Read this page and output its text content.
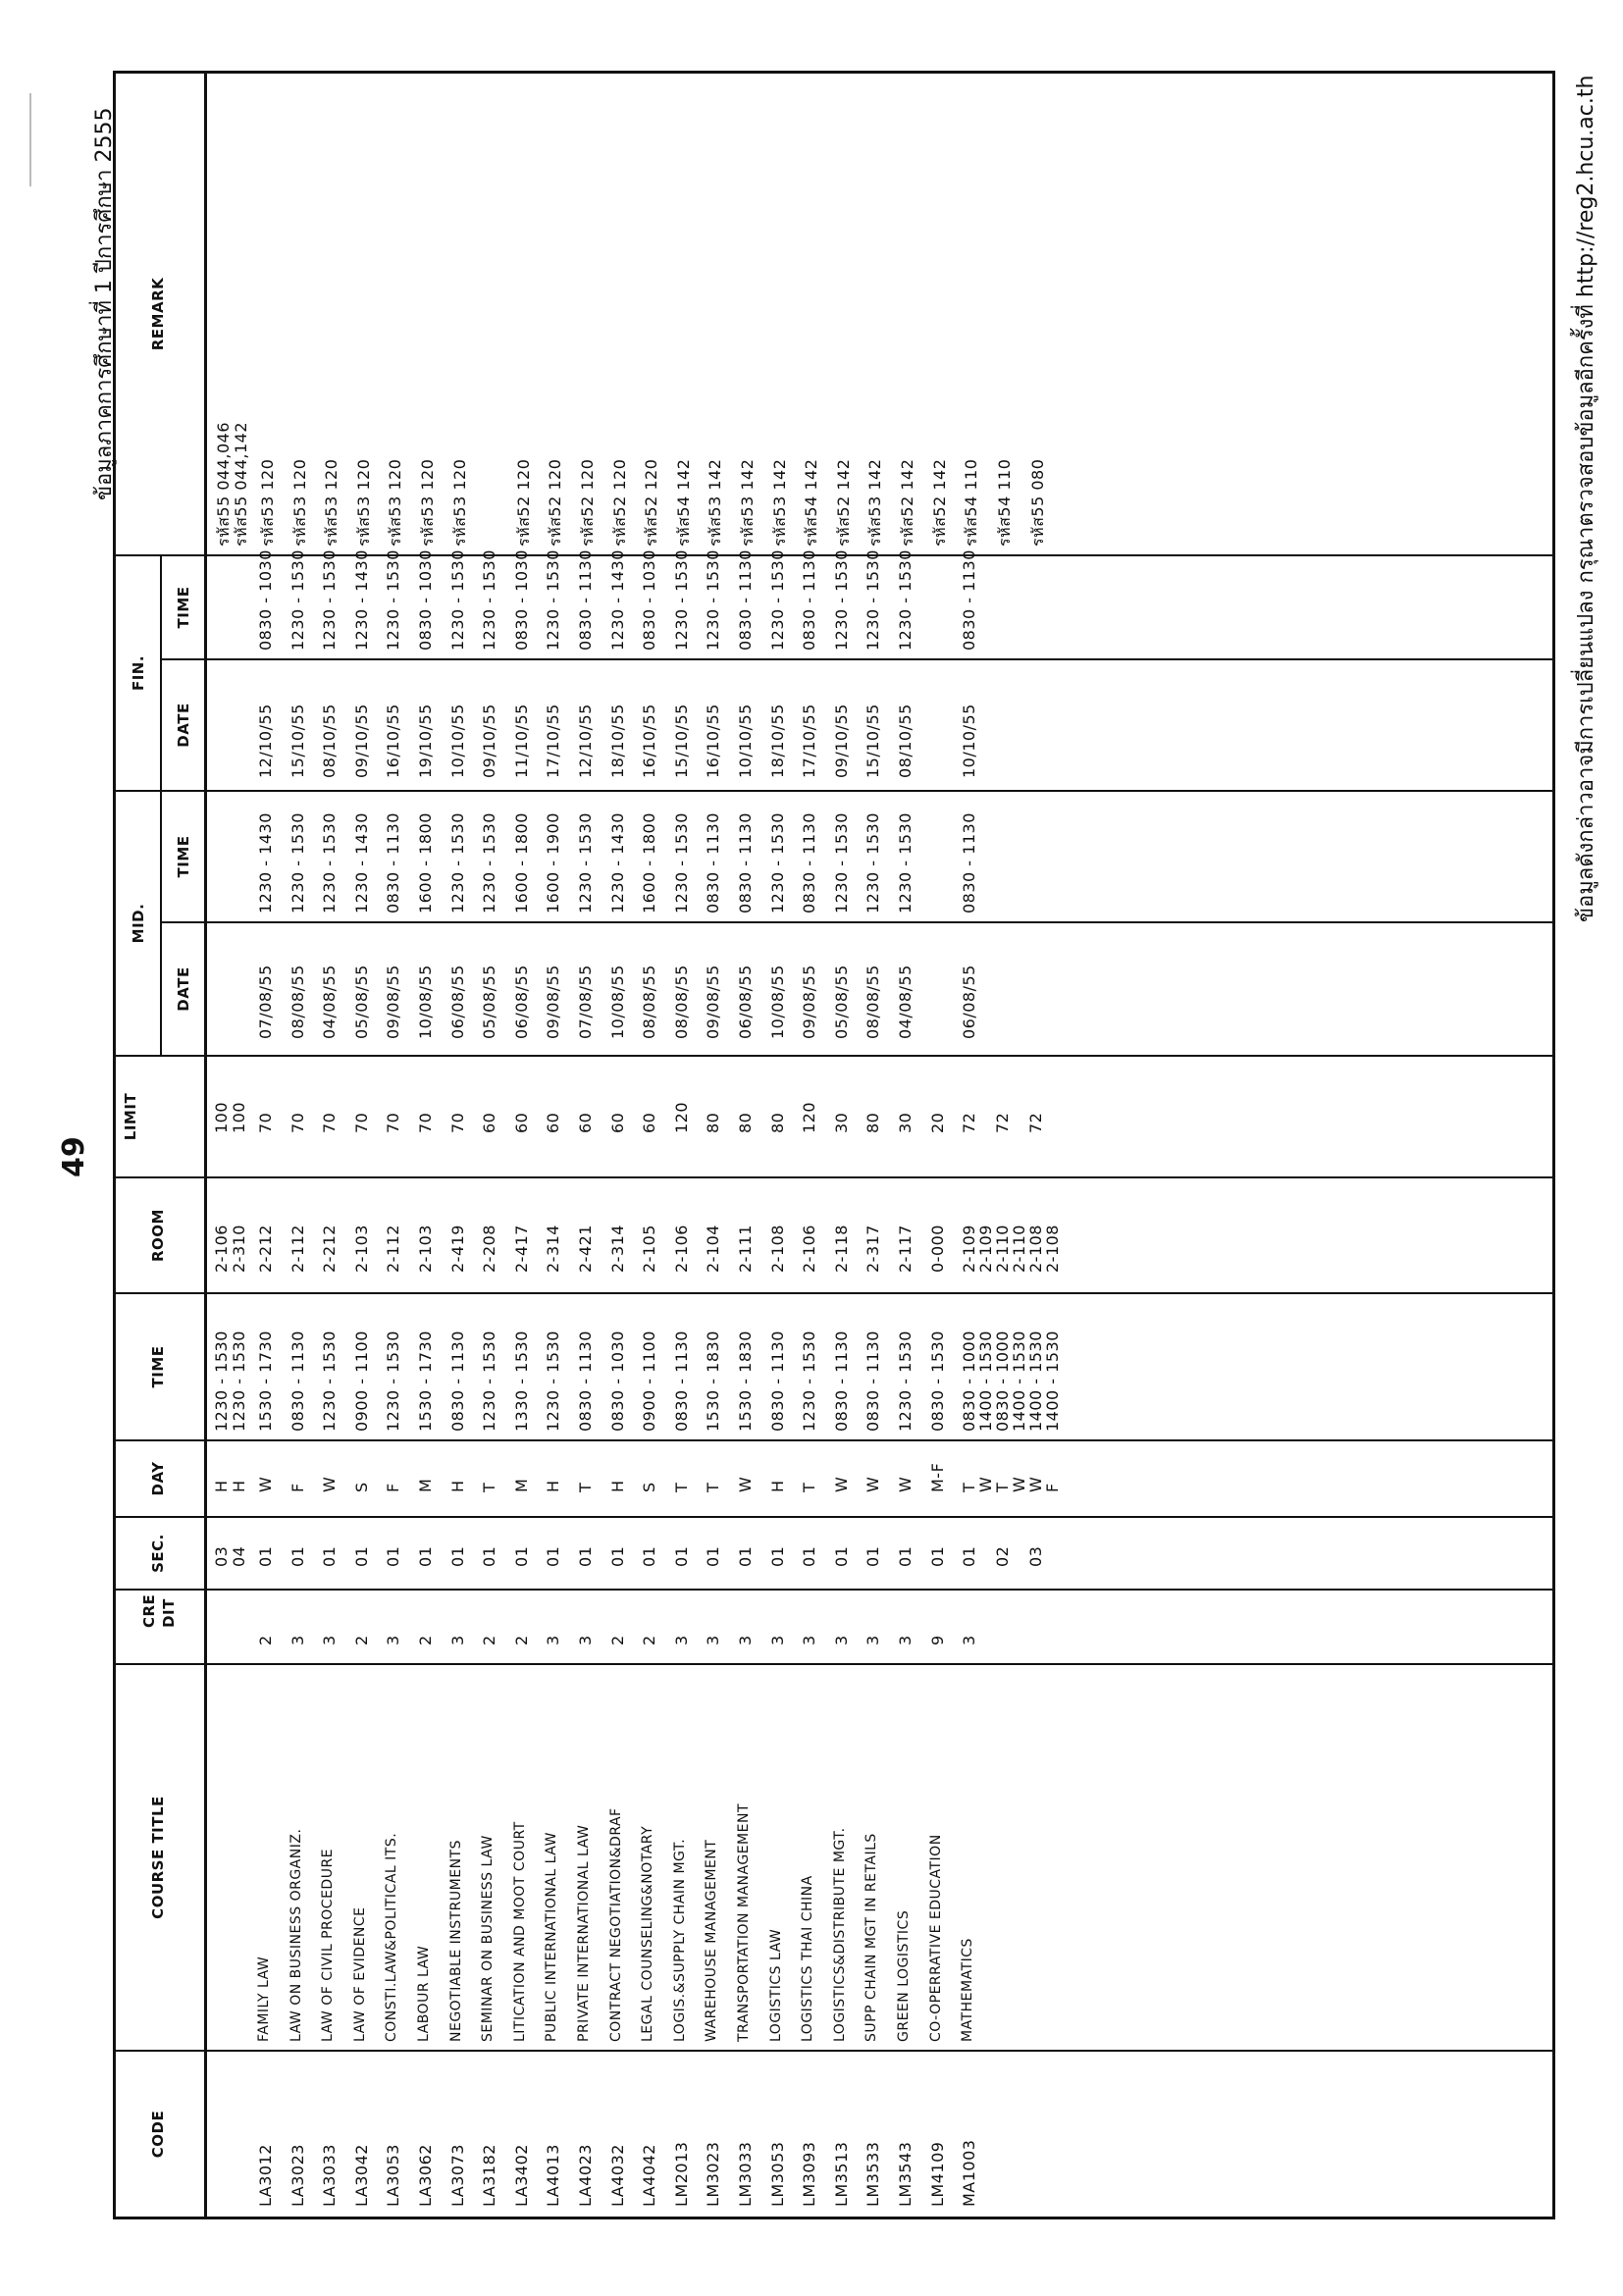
49
ข้อมูลภาคการศึกษาที่ 1 ปีการศึกษา 2555
CODE
COURSE TITLE
CRE DIT
SEC.
DAY
TIME
ROOM
LIMIT
MID.
DATE
TIME
FIN.
DATE
TIME
REMARK
03
H
1230 - 1530
2-106
100
รหัส55 044,046
04
H
1230 - 1530
2-310
100
รหัส55 044,142
LA3012
FAMILY LAW
2
01
W
1530 - 1730
2-212
70
07/08/55
1230 - 1430
12/10/55
0830 - 1030
รหัส53 120
LA3023
LAW ON BUSINESS ORGANIZ.
3
01
F
0830 - 1130
2-112
70
08/08/55
1230 - 1530
15/10/55
1230 - 1530
รหัส53 120
LA3033
LAW OF CIVIL PROCEDURE
3
01
W
1230 - 1530
2-212
70
04/08/55
1230 - 1530
08/10/55
1230 - 1530
รหัส53 120
LA3042
LAW OF EVIDENCE
2
01
S
0900 - 1100
2-103
70
05/08/55
1230 - 1430
09/10/55
1230 - 1430
รหัส53 120
LA3053
CONSTI.LAW&POLITICAL ITS.
3
01
F
1230 - 1530
2-112
70
09/08/55
0830 - 1130
16/10/55
1230 - 1530
รหัส53 120
LA3062
LABOUR LAW
2
01
M
1530 - 1730
2-103
70
10/08/55
1600 - 1800
19/10/55
0830 - 1030
รหัส53 120
LA3073
NEGOTIABLE INSTRUMENTS
3
01
H
0830 - 1130
2-419
70
06/08/55
1230 - 1530
10/10/55
1230 - 1530
รหัส53 120
LA3182
SEMINAR ON BUSINESS LAW
2
01
T
1230 - 1530
2-208
60
05/08/55
1230 - 1530
09/10/55
1230 - 1530
LA3402
LITICATION AND MOOT COURT
2
01
M
1330 - 1530
2-417
60
06/08/55
1600 - 1800
11/10/55
0830 - 1030
รหัส52 120
LA4013
PUBLIC INTERNATIONAL LAW
3
01
H
1230 - 1530
2-314
60
09/08/55
1600 - 1900
17/10/55
1230 - 1530
รหัส52 120
LA4023
PRIVATE INTERNATIONAL LAW
3
01
T
0830 - 1130
2-421
60
07/08/55
1230 - 1530
12/10/55
0830 - 1130
รหัส52 120
LA4032
CONTRACT NEGOTIATION&DRAF
2
01
H
0830 - 1030
2-314
60
10/08/55
1230 - 1430
18/10/55
1230 - 1430
รหัส52 120
LA4042
LEGAL COUNSELING&NOTARY
2
01
S
0900 - 1100
2-105
60
08/08/55
1600 - 1800
16/10/55
0830 - 1030
รหัส52 120
LM2013
LOGIS.&SUPPLY CHAIN MGT.
3
01
T
0830 - 1130
2-106
120
08/08/55
1230 - 1530
15/10/55
1230 - 1530
รหัส54 142
LM3023
WAREHOUSE MANAGEMENT
3
01
T
1530 - 1830
2-104
80
09/08/55
0830 - 1130
16/10/55
1230 - 1530
รหัส53 142
LM3033
TRANSPORTATION MANAGEMENT
3
01
W
1530 - 1830
2-111
80
06/08/55
0830 - 1130
10/10/55
0830 - 1130
รหัส53 142
LM3053
LOGISTICS LAW
3
01
H
0830 - 1130
2-108
80
10/08/55
1230 - 1530
18/10/55
1230 - 1530
รหัส53 142
LM3093
LOGISTICS THAI CHINA
3
01
T
1230 - 1530
2-106
120
09/08/55
0830 - 1130
17/10/55
0830 - 1130
รหัส54 142
LM3513
LOGISTICS&DISTRIBUTE MGT.
3
01
W
0830 - 1130
2-118
30
05/08/55
1230 - 1530
09/10/55
1230 - 1530
รหัส52 142
LM3533
SUPP CHAIN MGT IN RETAILS
3
01
W
0830 - 1130
2-317
80
08/08/55
1230 - 1530
15/10/55
1230 - 1530
รหัส53 142
LM3543
GREEN LOGISTICS
3
01
W
1230 - 1530
2-117
30
04/08/55
1230 - 1530
08/10/55
1230 - 1530
รหัส52 142
LM4109
CO-OPERRATIVE EDUCATION
9
01
M-F
0830 - 1530
0-000
20
รหัส52 142
MA1003
MATHEMATICS
3
01
T
0830 - 1000
2-109
72
06/08/55
0830 - 1130
10/10/55
0830 - 1130
รหัส54 110
W
1400 - 1530
2-109
02
T
0830 - 1000
2-110
72
รหัส54 110
W
1400 - 1530
2-110
03
W
1400 - 1530
2-108
72
รหัส55 080
F
1400 - 1530
2-108
ข้อมูลดังกล่าวอาจมีการเปลี่ยนแปลง กรุณาตรวจสอบข้อมูลอีกครั้งที่ http://reg2.hcu.ac.th
